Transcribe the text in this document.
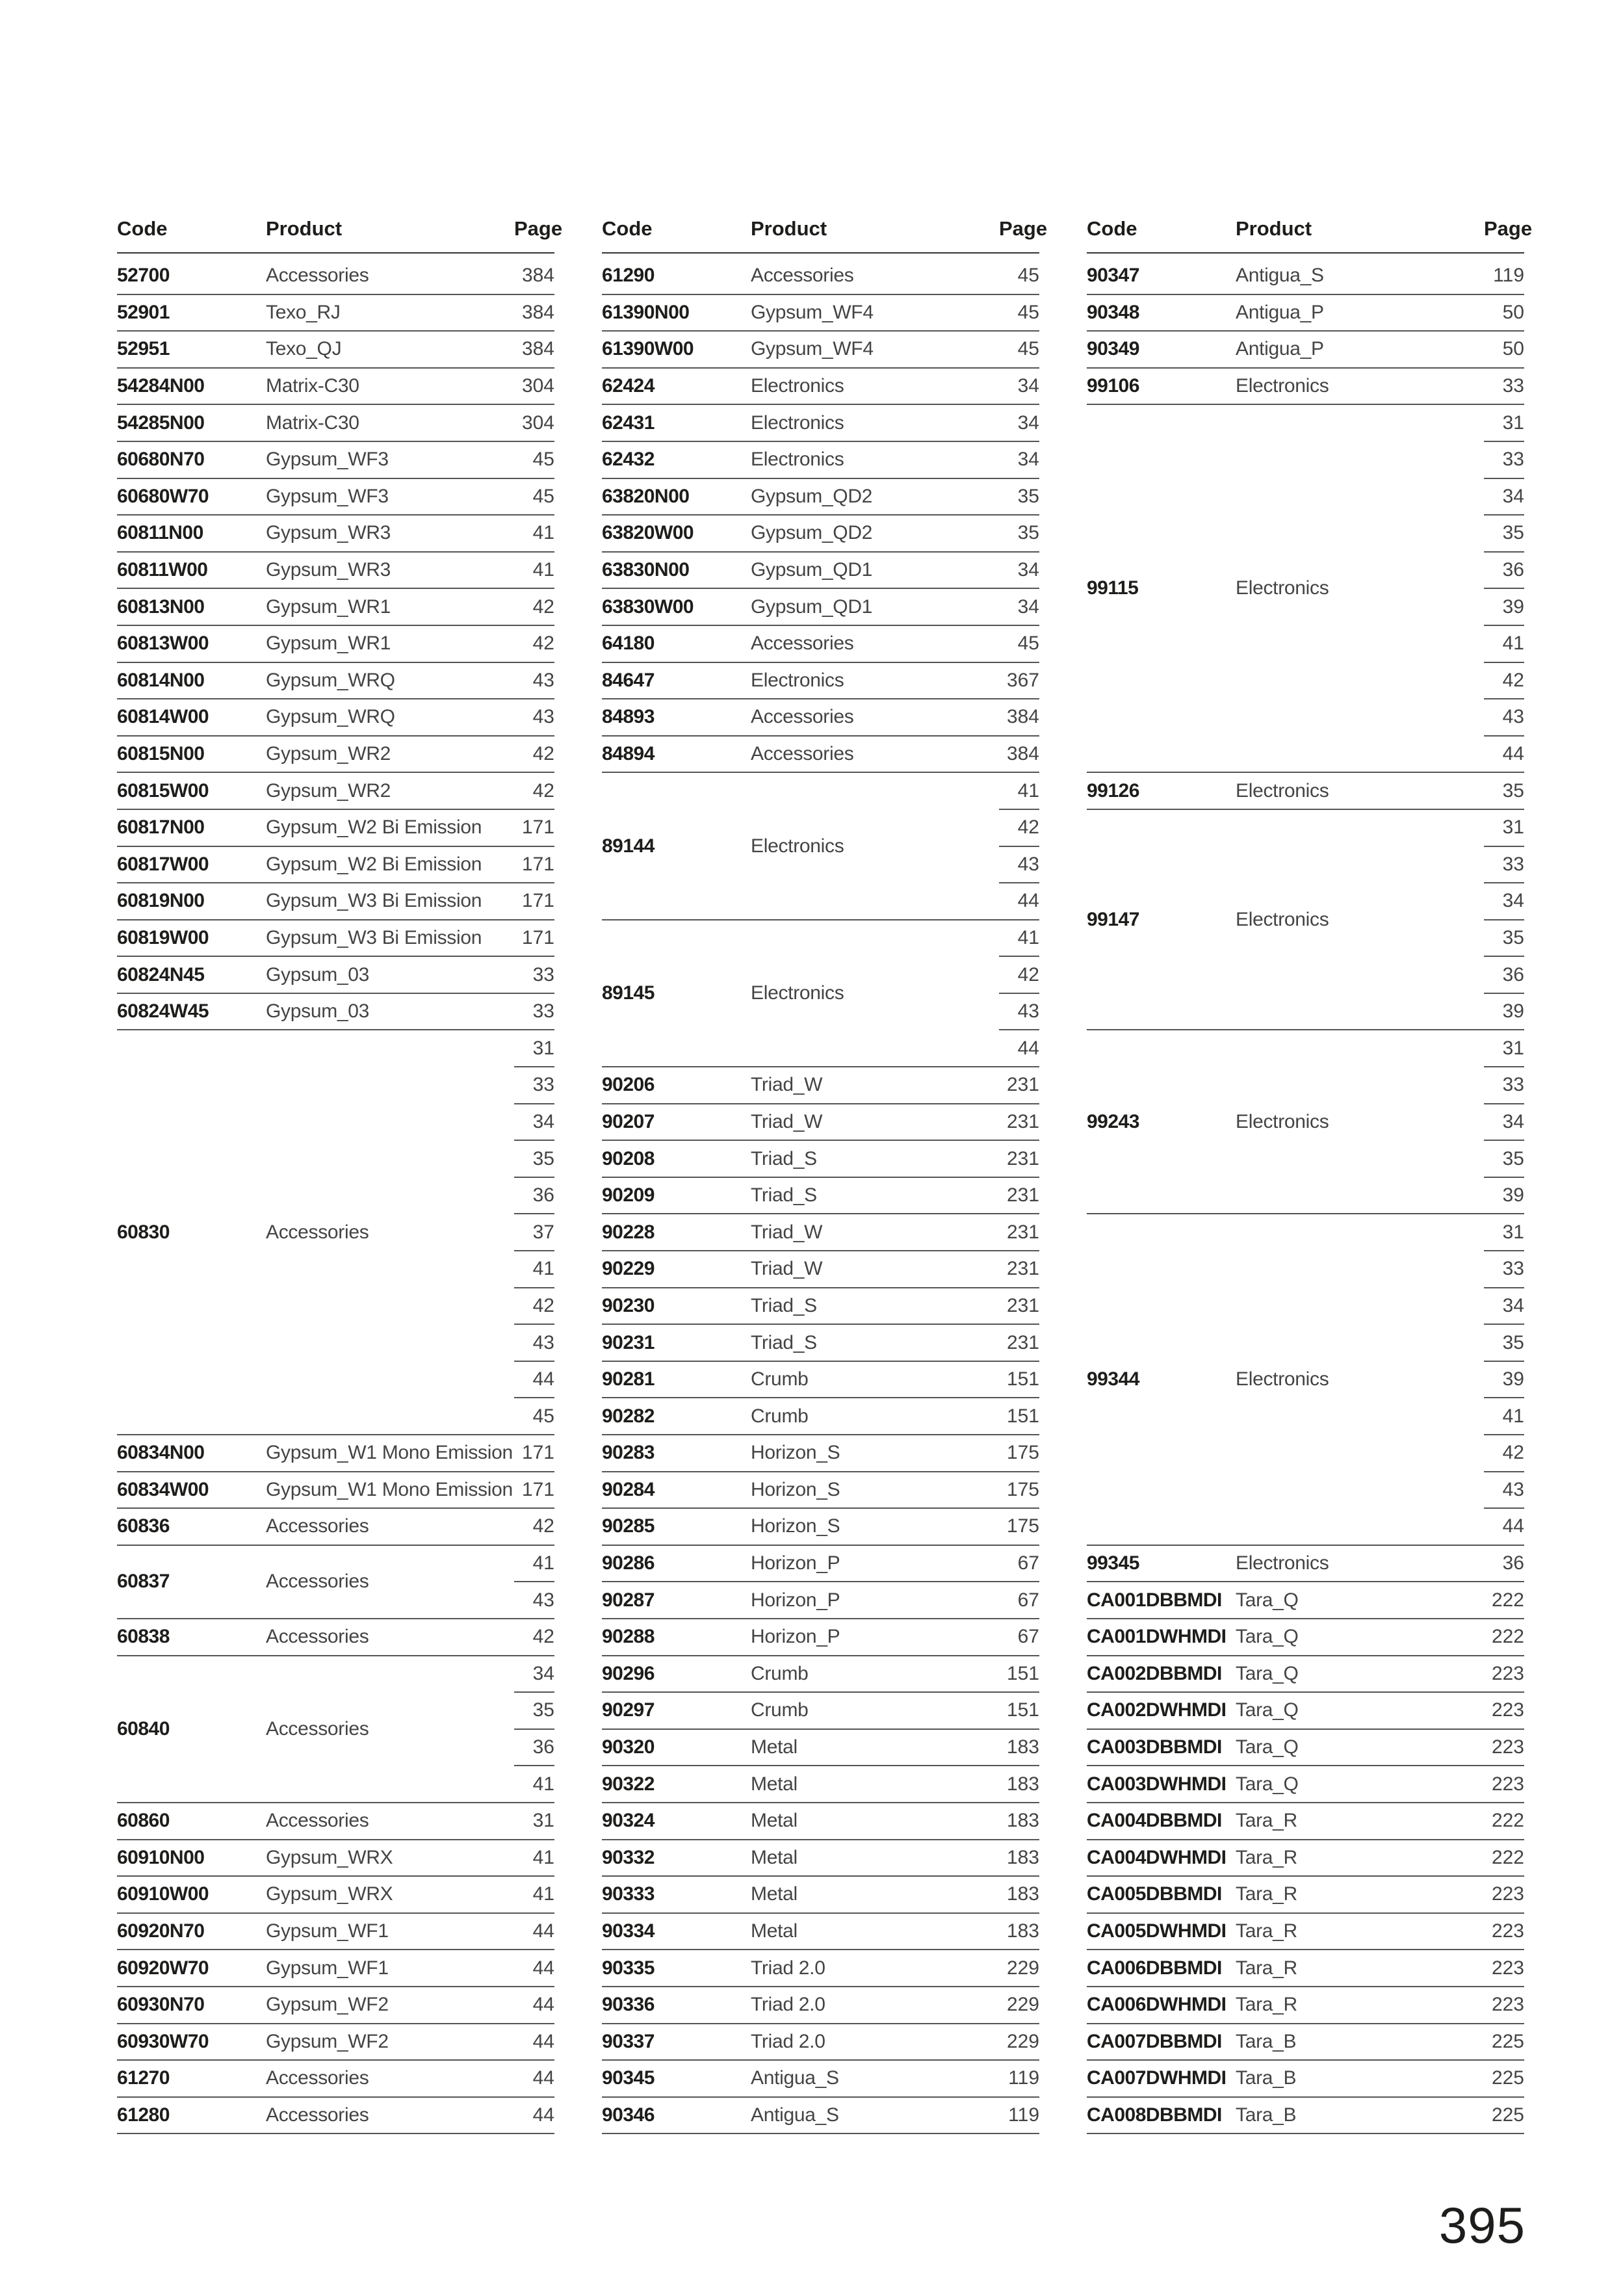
Code	Product	Page

52700	Accessories	384
52901	Texo_RJ	384
52951	Texo_QJ	384
54284N00	Matrix-C30	304
54285N00	Matrix-C30	304
60680N70	Gypsum_WF3	45
60680W70	Gypsum_WF3	45
60811N00	Gypsum_WR3	41
60811W00	Gypsum_WR3	41
60813N00	Gypsum_WR1	42
60813W00	Gypsum_WR1	42
60814N00	Gypsum_WRQ	43
60814W00	Gypsum_WRQ	43
60815N00	Gypsum_WR2	42
60815W00	Gypsum_WR2	42
60817N00	Gypsum_W2 Bi Emission	171
60817W00	Gypsum_W2 Bi Emission	171
60819N00	Gypsum_W3 Bi Emission	171
60819W00	Gypsum_W3 Bi Emission	171
60824N45	Gypsum_03	33
60824W45	Gypsum_03	33
60830	Accessories	31
		33
		34
		35
		36
		37
		41
		42
		43
		44
		45
60834N00	Gypsum_W1 Mono Emission	171
60834W00	Gypsum_W1 Mono Emission	171
60836	Accessories	42
60837	Accessories	41
		43
60838	Accessories	42
60840	Accessories	34
		35
		36
		41
60860	Accessories	31
60910N00	Gypsum_WRX	41
60910W00	Gypsum_WRX	41
60920N70	Gypsum_WF1	44
60920W70	Gypsum_WF1	44
60930N70	Gypsum_WF2	44
60930W70	Gypsum_WF2	44
61270	Accessories	44
61280	Accessories	44
Code	Product	Page

61290	Accessories	45
61390N00	Gypsum_WF4	45
61390W00	Gypsum_WF4	45
62424	Electronics	34
62431	Electronics	34
62432	Electronics	34
63820N00	Gypsum_QD2	35
63820W00	Gypsum_QD2	35
63830N00	Gypsum_QD1	34
63830W00	Gypsum_QD1	34
64180	Accessories	45
84647	Electronics	367
84893	Accessories	384
84894	Accessories	384
89144	Electronics	41
		42
		43
		44
89145	Electronics	41
		42
		43
		44
90206	Triad_W	231
90207	Triad_W	231
90208	Triad_S	231
90209	Triad_S	231
90228	Triad_W	231
90229	Triad_W	231
90230	Triad_S	231
90231	Triad_S	231
90281	Crumb	151
90282	Crumb	151
90283	Horizon_S	175
90284	Horizon_S	175
90285	Horizon_S	175
90286	Horizon_P	67
90287	Horizon_P	67
90288	Horizon_P	67
90296	Crumb	151
90297	Crumb	151
90320	Metal	183
90322	Metal	183
90324	Metal	183
90332	Metal	183
90333	Metal	183
90334	Metal	183
90335	Triad 2.0	229
90336	Triad 2.0	229
90337	Triad 2.0	229
90345	Antigua_S	119
90346	Antigua_S	119
Code	Product	Page

90347	Antigua_S	119
90348	Antigua_P	50
90349	Antigua_P	50
99106	Electronics	33
99115	Electronics	31
		33
		34
		35
		36
		39
		41
		42
		43
		44
99126	Electronics	35
99147	Electronics	31
		33
		34
		35
		36
		39
99243	Electronics	31
		33
		34
		35
		39
99344	Electronics	31
		33
		34
		35
		39
		41
		42
		43
		44
99345	Electronics	36
CA001DBBMDI	Tara_Q	222
CA001DWHMDI	Tara_Q	222
CA002DBBMDI	Tara_Q	223
CA002DWHMDI	Tara_Q	223
CA003DBBMDI	Tara_Q	223
CA003DWHMDI	Tara_Q	223
CA004DBBMDI	Tara_R	222
CA004DWHMDI	Tara_R	222
CA005DBBMDI	Tara_R	223
CA005DWHMDI	Tara_R	223
CA006DBBMDI	Tara_R	223
CA006DWHMDI	Tara_R	223
CA007DBBMDI	Tara_B	225
CA007DWHMDI	Tara_B	225
CA008DBBMDI	Tara_B	225
395
